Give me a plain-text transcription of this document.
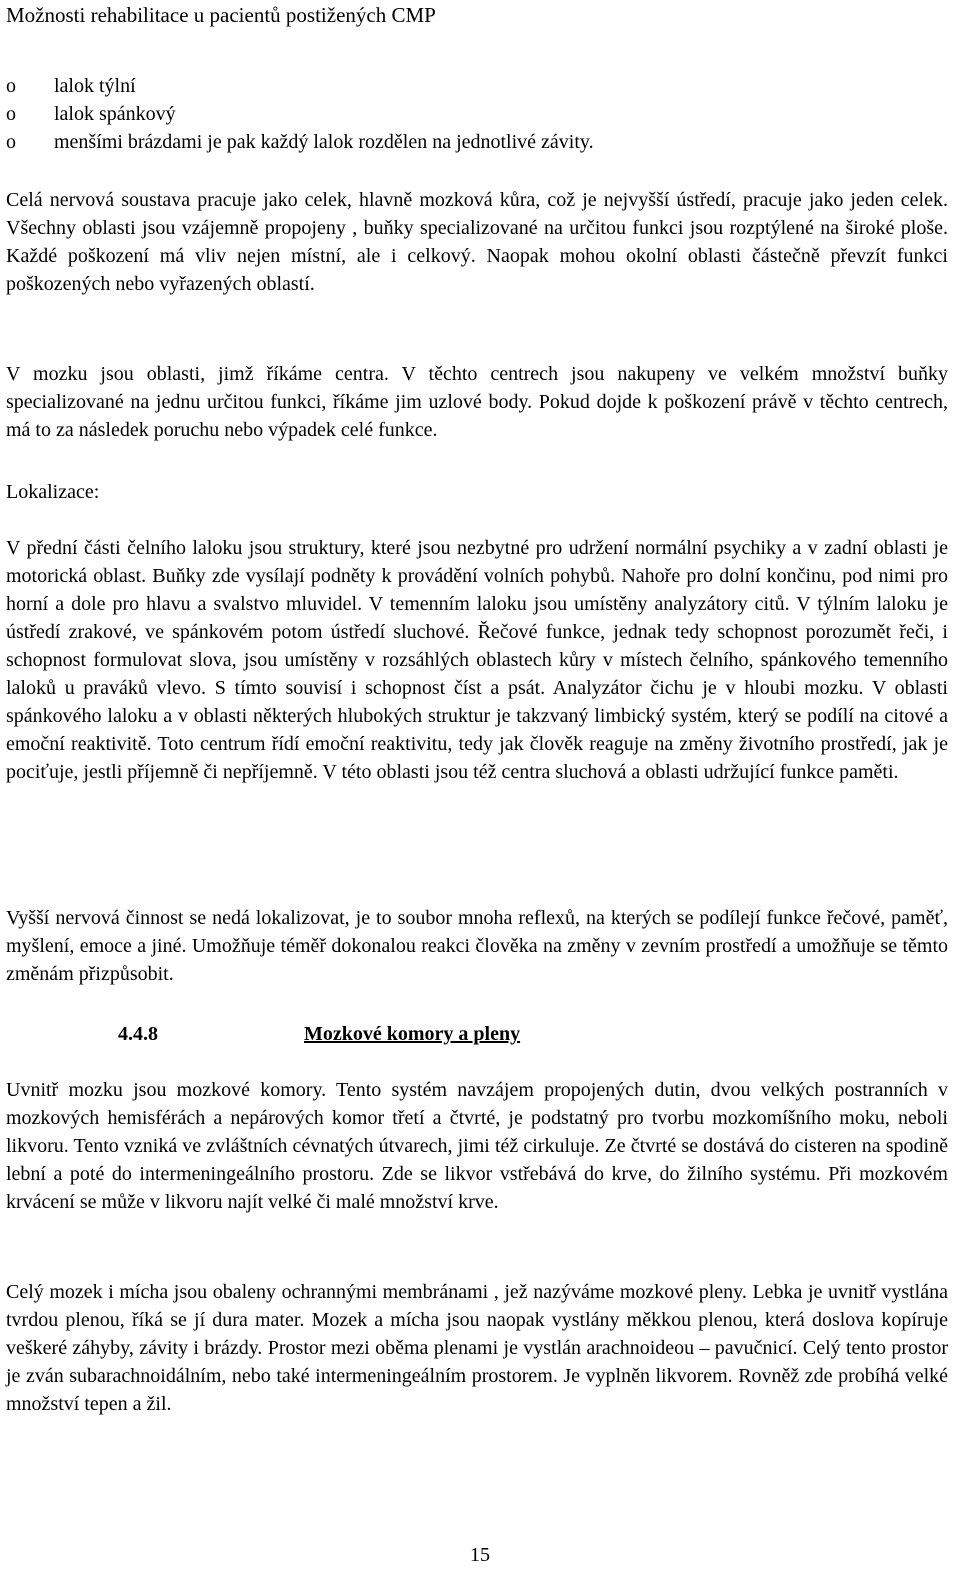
Možnosti rehabilitace u pacientů postižených CMP
o	lalok týlní
o	lalok spánkový
o	menšími brázdami je pak každý lalok rozdělen na jednotlivé závity.

Celá nervová soustava pracuje jako celek, hlavně mozková kůra, což je nejvyšší ústředí, pracuje jako jeden celek. Všechny oblasti jsou vzájemně propojeny , buňky specializované na určitou funkci jsou rozptýlené na široké ploše. Každé poškození má vliv nejen místní, ale i celkový. Naopak mohou okolní oblasti částečně převzít funkci poškozených nebo vyřazených oblastí.

V mozku jsou oblasti, jimž říkáme centra. V těchto centrech jsou nakupeny ve velkém množství buňky specializované na jednu určitou funkci, říkáme jim uzlové body. Pokud dojde k poškození právě v těchto centrech, má to za následek poruchu nebo výpadek celé funkce.

Lokalizace:

V přední části čelního laloku jsou struktury, které jsou nezbytné pro udržení normální psychiky a v zadní oblasti je motorická oblast. Buňky zde vysílají podněty k provádění volních pohybů. Nahoře pro dolní končinu, pod nimi pro horní a dole pro hlavu a svalstvo mluvidel. V temenním laloku jsou umístěny analyzátory citů. V týlním laloku je ústředí zrakové, ve spánkovém potom ústředí sluchové. Řečové funkce, jednak tedy schopnost porozumět řeči, i schopnost formulovat slova, jsou umístěny v rozsáhlých oblastech kůry v místech čelního, spánkového temenního laloků u praváků vlevo. S tímto souvisí i schopnost číst a psát. Analyzátor čichu je v hloubi mozku. V oblasti spánkového laloku a v oblasti některých hlubokých struktur je takzvaný limbický systém, který se podílí na citové a emoční reaktivitě. Toto centrum řídí emoční reaktivitu, tedy jak člověk reaguje na změny životního prostředí, jak je pociťuje, jestli příjemně či nepříjemně. V této oblasti jsou též centra sluchová a oblasti udržující funkce paměti.

Vyšší nervová činnost se nedá lokalizovat, je to soubor mnoha reflexů, na kterých se podílejí funkce řečové, paměť, myšlení, emoce a jiné. Umožňuje téměř dokonalou reakci člověka na změny v zevním prostředí a umožňuje se těmto změnám přizpůsobit.

4.4.8	Mozkové komory a pleny

Uvnitř mozku jsou mozkové komory. Tento systém navzájem propojených dutin, dvou velkých postranních v mozkových hemisférách a nepárových komor třetí a čtvrté, je podstatný pro tvorbu mozkomíšního moku, neboli likvoru. Tento vzniká ve zvláštních cévnatých útvarech, jimi též cirkuluje. Ze čtvrté se dostává do cisteren na spodině lební a poté do intermeningeálního prostoru. Zde se likvor vstřebává do krve, do žilního systému. Při mozkovém krvácení se může v likvoru najít velké či malé množství krve.

Celý mozek i mícha jsou obaleny ochrannými membránami , jež nazýváme mozkové pleny. Lebka je uvnitř vystlána tvrdou plenou, říká se jí dura mater. Mozek a mícha jsou naopak vystlány měkkou plenou, která doslova kopíruje veškeré záhyby, závity i brázdy. Prostor mezi oběma plenami je vystlán arachnoideou – pavučnicí. Celý tento prostor je zván subarachnoidálním, nebo také intermeningeálním prostorem. Je vyplněn likvorem. Rovněž zde probíhá velké množství tepen a žil.

15
